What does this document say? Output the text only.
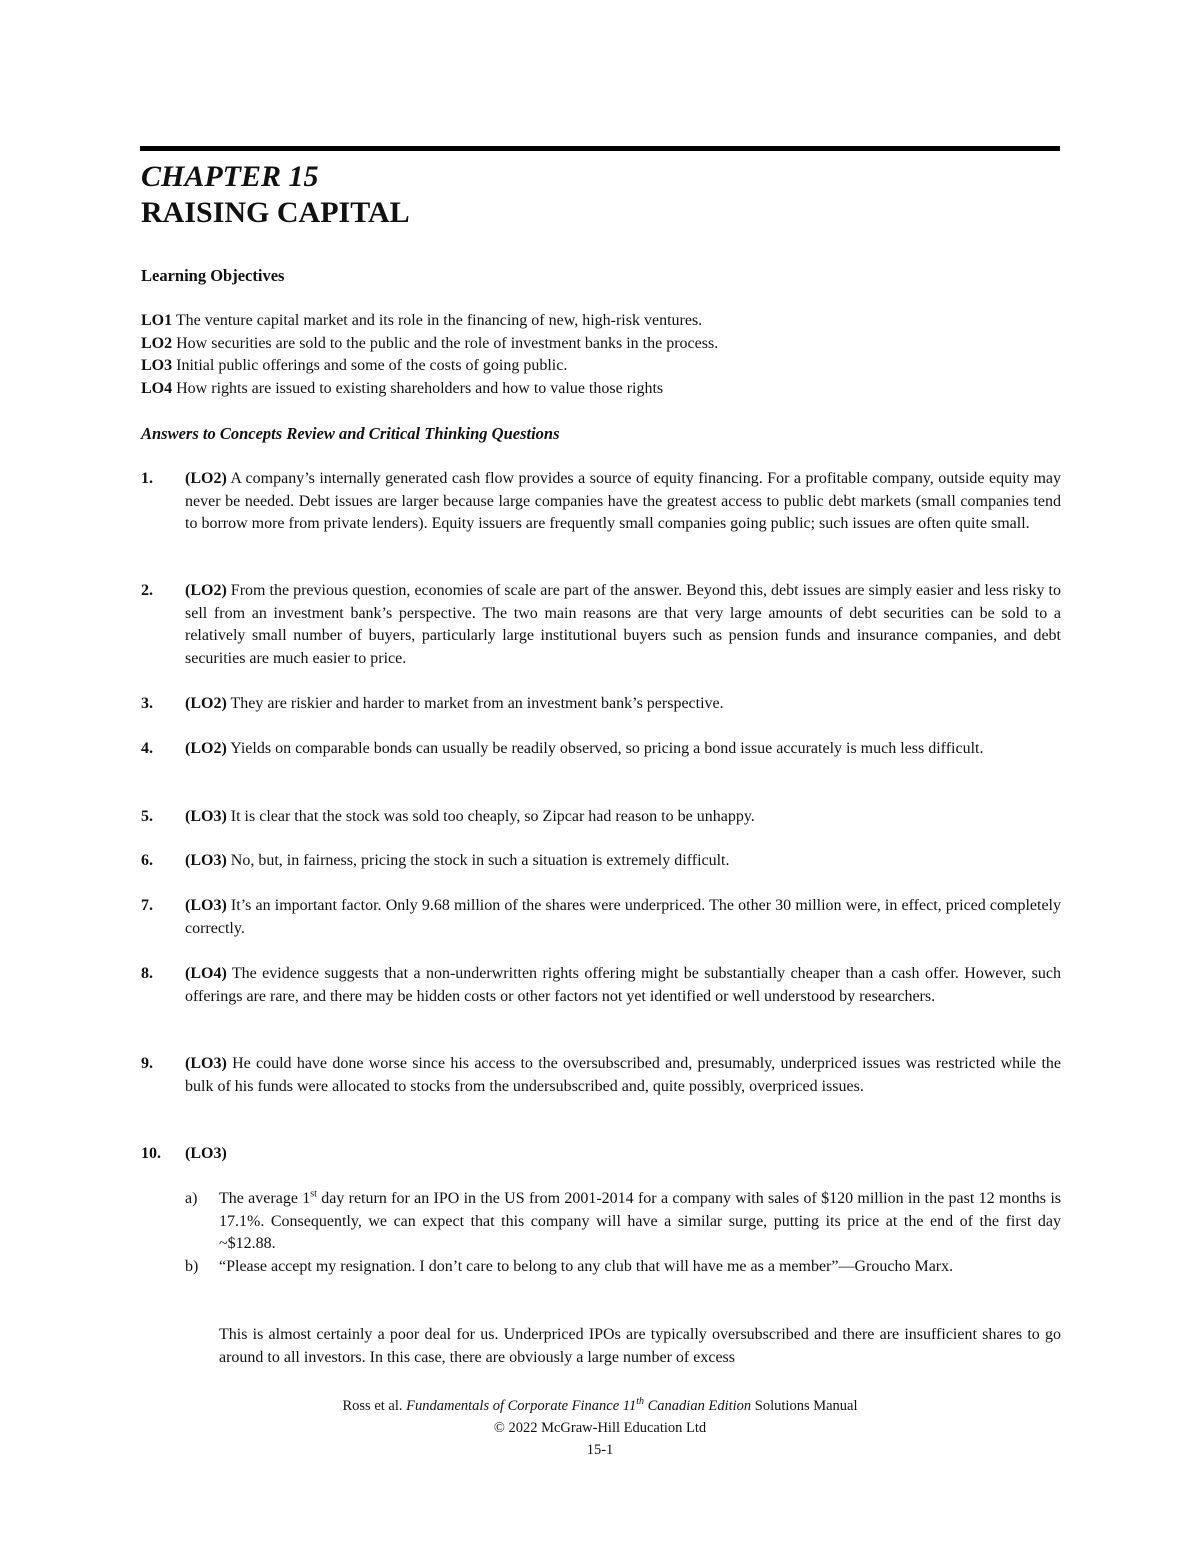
CHAPTER 15
RAISING CAPITAL
Learning Objectives
LO1 The venture capital market and its role in the financing of new, high-risk ventures.
LO2 How securities are sold to the public and the role of investment banks in the process.
LO3 Initial public offerings and some of the costs of going public.
LO4 How rights are issued to existing shareholders and how to value those rights
Answers to Concepts Review and Critical Thinking Questions
1. (LO2) A company’s internally generated cash flow provides a source of equity financing. For a profitable company, outside equity may never be needed. Debt issues are larger because large companies have the greatest access to public debt markets (small companies tend to borrow more from private lenders). Equity issuers are frequently small companies going public; such issues are often quite small.
2. (LO2) From the previous question, economies of scale are part of the answer. Beyond this, debt issues are simply easier and less risky to sell from an investment bank’s perspective. The two main reasons are that very large amounts of debt securities can be sold to a relatively small number of buyers, particularly large institutional buyers such as pension funds and insurance companies, and debt securities are much easier to price.
3. (LO2) They are riskier and harder to market from an investment bank’s perspective.
4. (LO2) Yields on comparable bonds can usually be readily observed, so pricing a bond issue accurately is much less difficult.
5. (LO3) It is clear that the stock was sold too cheaply, so Zipcar had reason to be unhappy.
6. (LO3) No, but, in fairness, pricing the stock in such a situation is extremely difficult.
7. (LO3) It’s an important factor. Only 9.68 million of the shares were underpriced. The other 30 million were, in effect, priced completely correctly.
8. (LO4) The evidence suggests that a non-underwritten rights offering might be substantially cheaper than a cash offer. However, such offerings are rare, and there may be hidden costs or other factors not yet identified or well understood by researchers.
9. (LO3) He could have done worse since his access to the oversubscribed and, presumably, underpriced issues was restricted while the bulk of his funds were allocated to stocks from the undersubscribed and, quite possibly, overpriced issues.
10. (LO3)
a) The average 1st day return for an IPO in the US from 2001-2014 for a company with sales of $120 million in the past 12 months is 17.1%. Consequently, we can expect that this company will have a similar surge, putting its price at the end of the first day ~$12.88.
b) “Please accept my resignation. I don’t care to belong to any club that will have me as a member”—Groucho Marx.
This is almost certainly a poor deal for us. Underpriced IPOs are typically oversubscribed and there are insufficient shares to go around to all investors. In this case, there are obviously a large number of excess
Ross et al. Fundamentals of Corporate Finance 11th Canadian Edition Solutions Manual
© 2022 McGraw-Hill Education Ltd
15-1
